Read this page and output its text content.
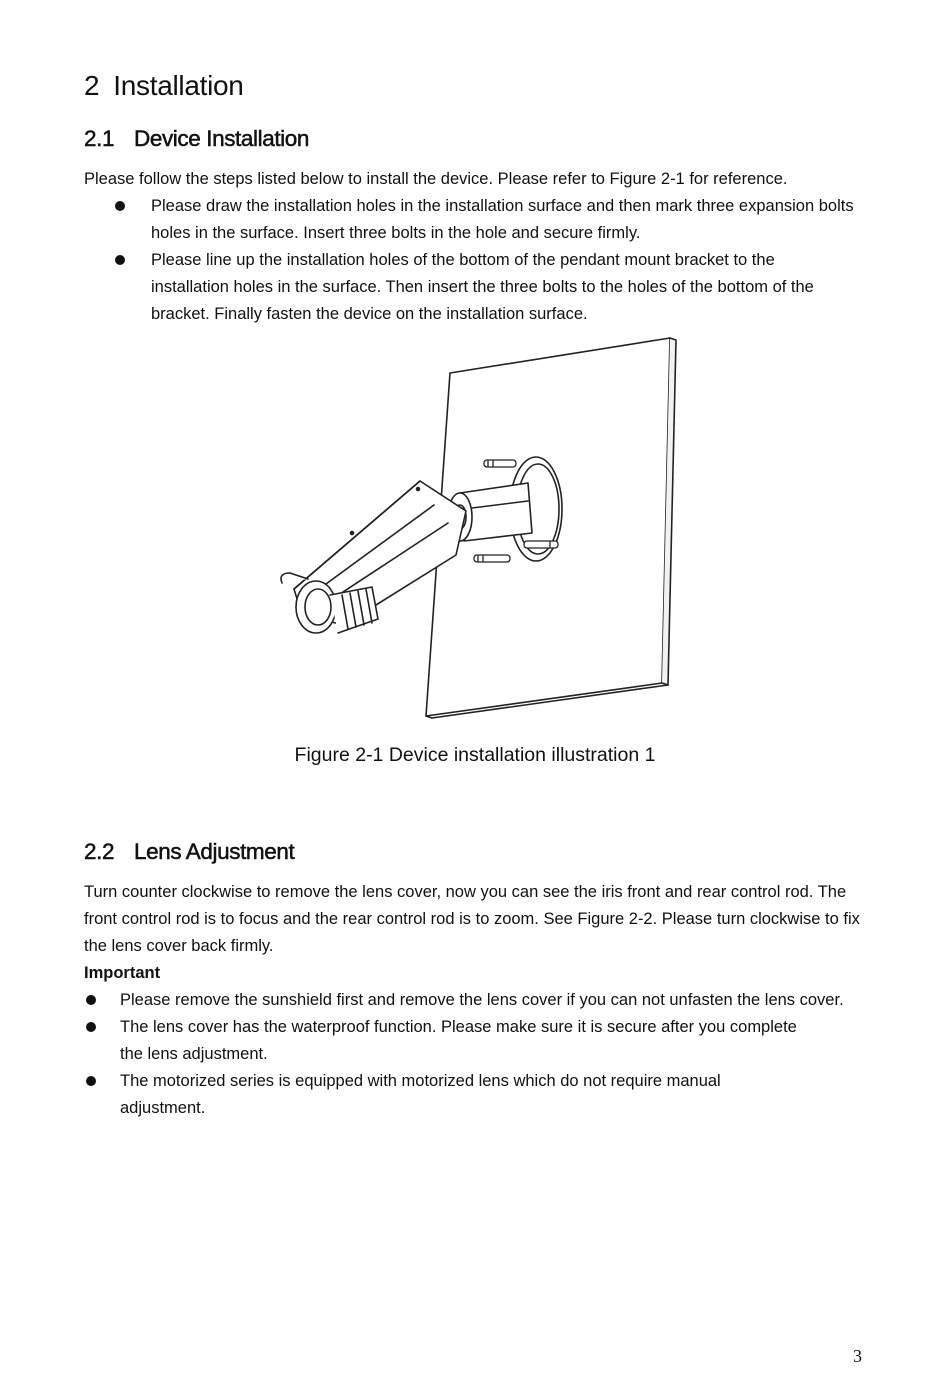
2 Installation
2.1 Device Installation

Please follow the steps listed below to install the device. Please refer to Figure 2-1 for reference.

Please draw the installation holes in the installation surface and then mark three expansion bolts holes in the surface. Insert three bolts in the hole and secure firmly.
Please line up the installation holes of the bottom of the pendant mount bracket to the installation holes in the surface. Then insert the three bolts to the holes of the bottom of the bracket. Finally fasten the device on the installation surface.

Figure 2-1 Device installation illustration 1

2.2 Lens Adjustment

Turn counter clockwise to remove the lens cover, now you can see the iris front and rear control rod. The front control rod is to focus and the rear control rod is to zoom. See Figure 2-2. Please turn clockwise to fix the lens cover back firmly.

Important

Please remove the sunshield first and remove the lens cover if you can not unfasten the lens cover.
The lens cover has the waterproof function. Please make sure it is secure after you complete the lens adjustment.
The motorized series is equipped with motorized lens which do not require manual adjustment.
3
